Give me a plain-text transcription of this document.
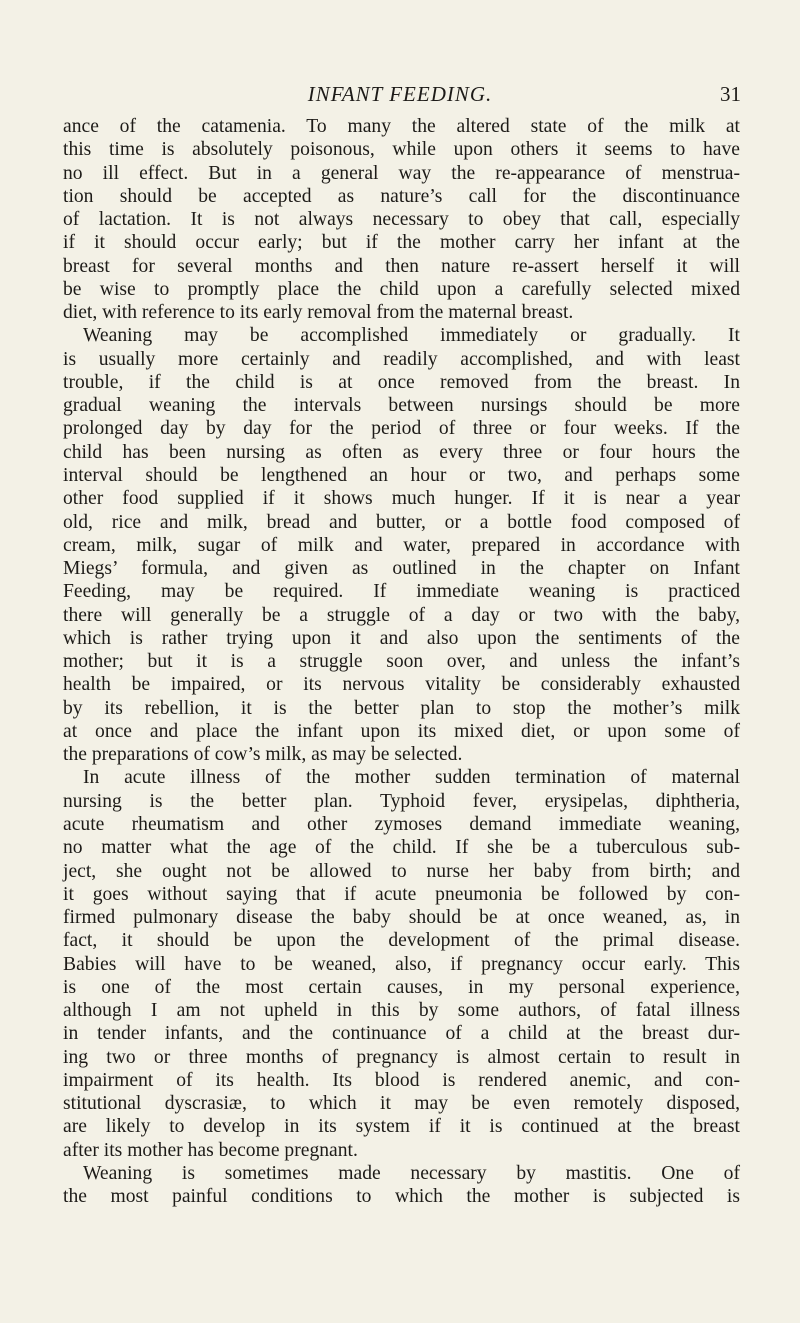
INFANT FEEDING.	31
ance of the catamenia. To many the altered state of the milk at
this time is absolutely poisonous, while upon others it seems to have
no ill effect. But in a general way the re-appearance of menstrua-
tion should be accepted as nature’s call for the discontinuance
of lactation. It is not always necessary to obey that call, especially
if it should occur early; but if the mother carry her infant at the
breast for several months and then nature re-assert herself it will
be wise to promptly place the child upon a carefully selected mixed
diet, with reference to its early removal from the maternal breast.
Weaning may be accomplished immediately or gradually. It
is usually more certainly and readily accomplished, and with least
trouble, if the child is at once removed from the breast. In
gradual weaning the intervals between nursings should be more
prolonged day by day for the period of three or four weeks. If the
child has been nursing as often as every three or four hours the
interval should be lengthened an hour or two, and perhaps some
other food supplied if it shows much hunger. If it is near a year
old, rice and milk, bread and butter, or a bottle food composed of
cream, milk, sugar of milk and water, prepared in accordance with
Miegs’ formula, and given as outlined in the chapter on Infant
Feeding, may be required. If immediate weaning is practiced
there will generally be a struggle of a day or two with the baby,
which is rather trying upon it and also upon the sentiments of the
mother; but it is a struggle soon over, and unless the infant’s
health be impaired, or its nervous vitality be considerably exhausted
by its rebellion, it is the better plan to stop the mother’s milk
at once and place the infant upon its mixed diet, or upon some of
the preparations of cow’s milk, as may be selected.
In acute illness of the mother sudden termination of maternal
nursing is the better plan. Typhoid fever, erysipelas, diphtheria,
acute rheumatism and other zymoses demand immediate weaning,
no matter what the age of the child. If she be a tuberculous sub-
ject, she ought not be allowed to nurse her baby from birth; and
it goes without saying that if acute pneumonia be followed by con-
firmed pulmonary disease the baby should be at once weaned, as, in
fact, it should be upon the development of the primal disease.
Babies will have to be weaned, also, if pregnancy occur early. This
is one of the most certain causes, in my personal experience,
although I am not upheld in this by some authors, of fatal illness
in tender infants, and the continuance of a child at the breast dur-
ing two or three months of pregnancy is almost certain to result in
impairment of its health. Its blood is rendered anemic, and con-
stitutional dyscrasiæ, to which it may be even remotely disposed,
are likely to develop in its system if it is continued at the breast
after its mother has become pregnant.
Weaning is sometimes made necessary by mastitis. One of
the most painful conditions to which the mother is subjected is
